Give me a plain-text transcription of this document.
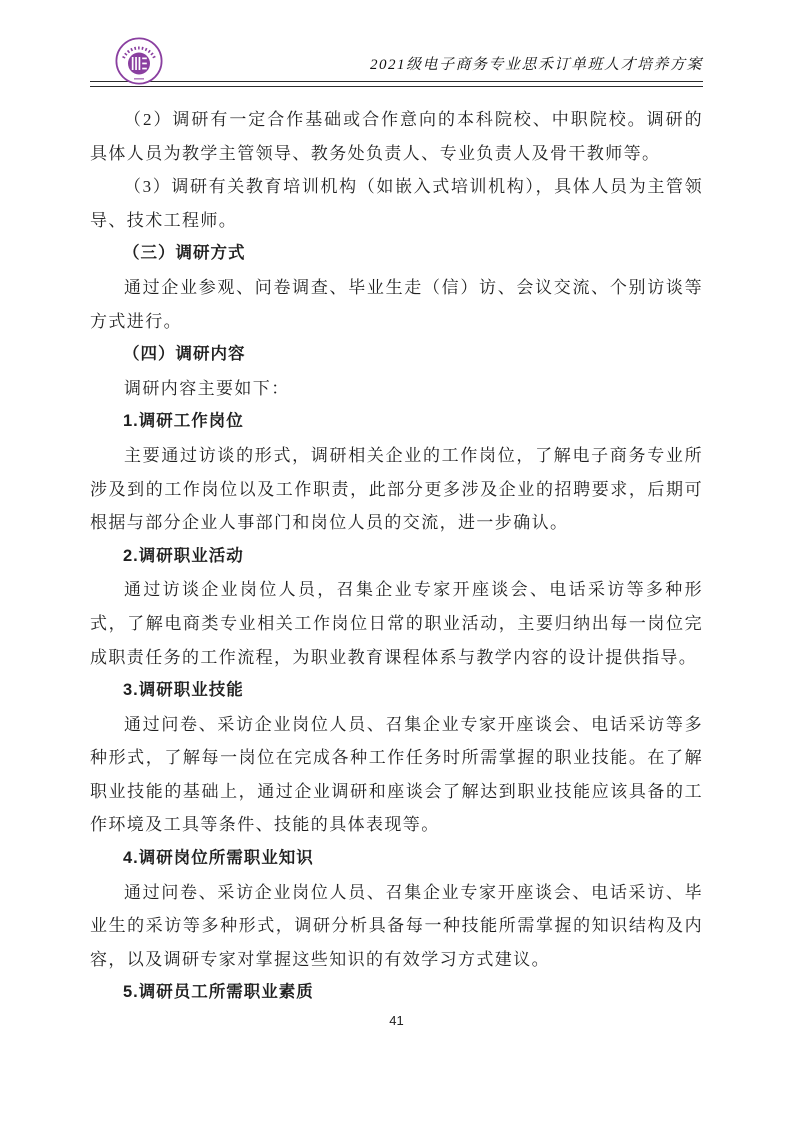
2021级电子商务专业思禾订单班人才培养方案

（2）调研有一定合作基础或合作意向的本科院校、中职院校。调研的具体人员为教学主管领导、教务处负责人、专业负责人及骨干教师等。

（3）调研有关教育培训机构（如嵌入式培训机构），具体人员为主管领导、技术工程师。

（三）调研方式

通过企业参观、问卷调查、毕业生走（信）访、会议交流、个别访谈等方式进行。

（四）调研内容

调研内容主要如下：

1.调研工作岗位

主要通过访谈的形式，调研相关企业的工作岗位，了解电子商务专业所涉及到的工作岗位以及工作职责，此部分更多涉及企业的招聘要求，后期可根据与部分企业人事部门和岗位人员的交流，进一步确认。

2.调研职业活动

通过访谈企业岗位人员，召集企业专家开座谈会、电话采访等多种形式，了解电商类专业相关工作岗位日常的职业活动，主要归纳出每一岗位完成职责任务的工作流程，为职业教育课程体系与教学内容的设计提供指导。

3.调研职业技能

通过问卷、采访企业岗位人员、召集企业专家开座谈会、电话采访等多种形式，了解每一岗位在完成各种工作任务时所需掌握的职业技能。在了解职业技能的基础上，通过企业调研和座谈会了解达到职业技能应该具备的工作环境及工具等条件、技能的具体表现等。

4.调研岗位所需职业知识

通过问卷、采访企业岗位人员、召集企业专家开座谈会、电话采访、毕业生的采访等多种形式，调研分析具备每一种技能所需掌握的知识结构及内容，以及调研专家对掌握这些知识的有效学习方式建议。

5.调研员工所需职业素质
41
